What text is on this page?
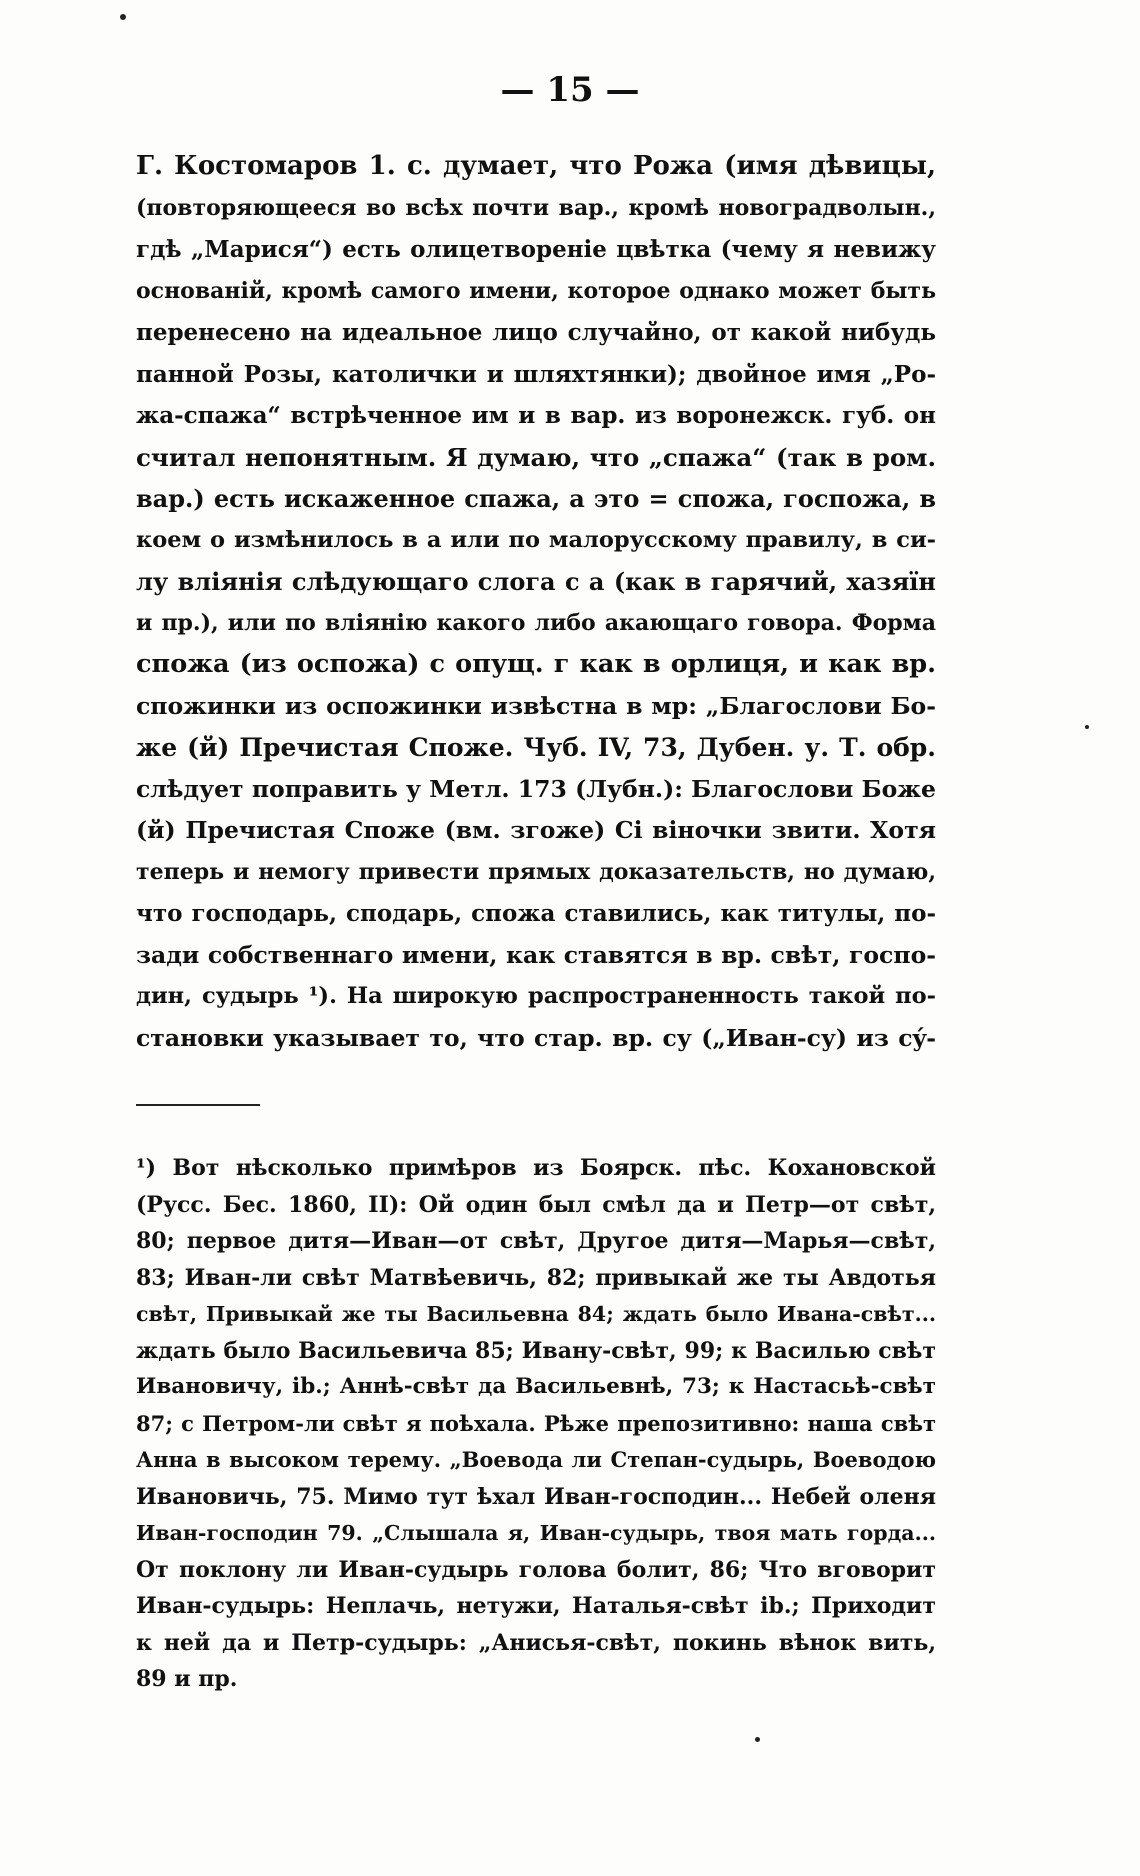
— 15 —
Г. Костомаров 1. с. думает, что Рожа (имя дѣвицы,
(повторяющееся во всѣх почти вар., кромѣ новоградволын.,
гдѣ „Марися“) есть олицетвореніе цвѣтка (чему я невижу
основаній, кромѣ самого имени, которое однако может быть
перенесено на идеальное лицо случайно, от какой нибудь
панной Розы, католички и шляхтянки); двойное имя „Ро-
жа-спажа“ встрѣченное им и в вар. из воронежск. губ. он
считал непонятным. Я думаю, что „спажа“ (так в ром.
вар.) есть искаженное спажа, а это = спожа, госпожа, в
коем о измѣнилось в а или по малорусскому правилу, в си-
лу вліянія слѣдующаго слога с а (как в гарячий, хазяїн
и пр.), или по вліянію какого либо акающаго говора. Форма
спожа (из оспожа) с опущ. г как в орлиця, и как вр.
спожинки из оспожинки извѣстна в мр: „Благослови Бо-
же (й) Пречистая Спожe. Чуб. IV, 73, Дубен. у. Т. обр.
слѣдует поправить у Метл. 173 (Лубн.): Благослови Боже
(й) Пречистая Споже (вм. згоже) Сі віночки звити. Хотя
теперь и немогу привести прямых доказательств, но думаю,
что господарь, сподарь, спожа ставились, как титулы, по-
зади собственнаго имени, как ставятся в вр. свѣт, госпо-
дин, судырь ¹). На широкую распространенность такой по-
становки указывает то, что стар. вр. су („Иван-су) из сý-
¹) Вот нѣсколько примѣров из Боярск. пѣс. Кохановской
(Русс. Бес. 1860, II): Ой один был смѣл да и Петр—от свѣт,
80; первое дитя—Иван—от свѣт, Другое дитя—Марья—свѣт,
83; Иван-ли свѣт Матвѣевичь, 82; привыкай же ты Авдотья
свѣт, Привыкай же ты Васильевна 84; ждать было Ивана-свѣт...
ждать было Васильевича 85; Ивану-свѣт, 99; к Василью свѣт
Ивановичу, ib.; Аннѣ-свѣт да Васильевнѣ, 73; к Настасьѣ-свѣт
87; с Петром-ли свѣт я поѣхала. Рѣже препозитивно: наша свѣт
Анна в высоком терему. „Воевода ли Степан-судырь, Воеводою
Ивановичь, 75. Мимо тут ѣхал Иван-господин... Небей оленя
Иван-господин 79. „Слышала я, Иван-судырь, твоя мать горда...
От поклону ли Иван-судырь голова болит, 86; Что вговорит
Иван-судырь: Неплачь, нетужи, Наталья-свѣт ib.; Приходит
к ней да и Петр-судырь: „Анисья-свѣт, покинь вѣнок вить,
89 и пр.
